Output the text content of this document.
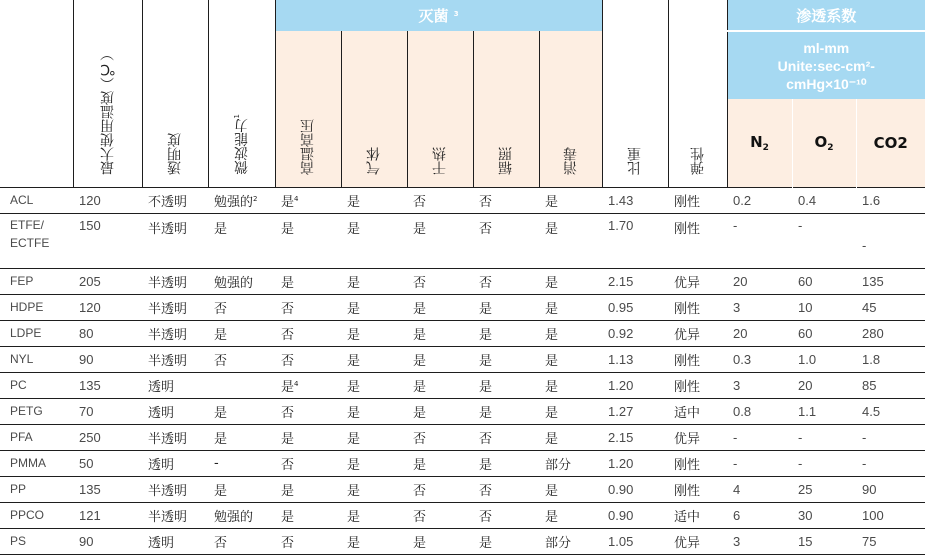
	最大使用温度（℃）	透明度	微波能力$^1$	灭菌 $^3$					比重	弹性	渗透系数		
				高温高压	气体	干热	辐照	消毒			ml-mm
Unite:sec-cm²-
cmHg×10⁻¹⁰		

											$N_2$	$O_2$	CO2
ACL	120	不透明	勉强的$^2$	是$^4$	是	否	否	是	1.43	刚性	0.2	0.4	1.6

ETFE/
ECTFE	150	半透明	是	是	是	是	否	是	1.70	刚性	-	-	-
FEP	205	半透明	勉强的	是	是	否	否	是	2.15	优异	20	60	135
HDPE	120	半透明	否	否	是	是	是	是	0.95	刚性	3	10	45
LDPE	80	半透明	是	否	是	是	是	是	0.92	优异	20	60	280
NYL	90	半透明	否	否	是	是	是	是	1.13	刚性	0.3	1.0	1.8
PC	135	透明		是$^4$	是	是	是	是	1.20	刚性	3	20	85
PETG	70	透明	是	否	是	是	是	是	1.27	适中	0.8	1.1	4.5
PFA	250	半透明	是	是	是	否	否	是	2.15	优异	-	-	-
PMMA	50	透明	-	否	是	是	是	部分	1.20	刚性	-	-	-
PP	135	半透明	是	是	是	否	否	是	0.90	刚性	4	25	90
PPCO	121	半透明	勉强的	是	是	否	否	是	0.90	适中	6	30	100
PS	90	透明	否	否	是	是	是	部分	1.05	优异	3	15	75
